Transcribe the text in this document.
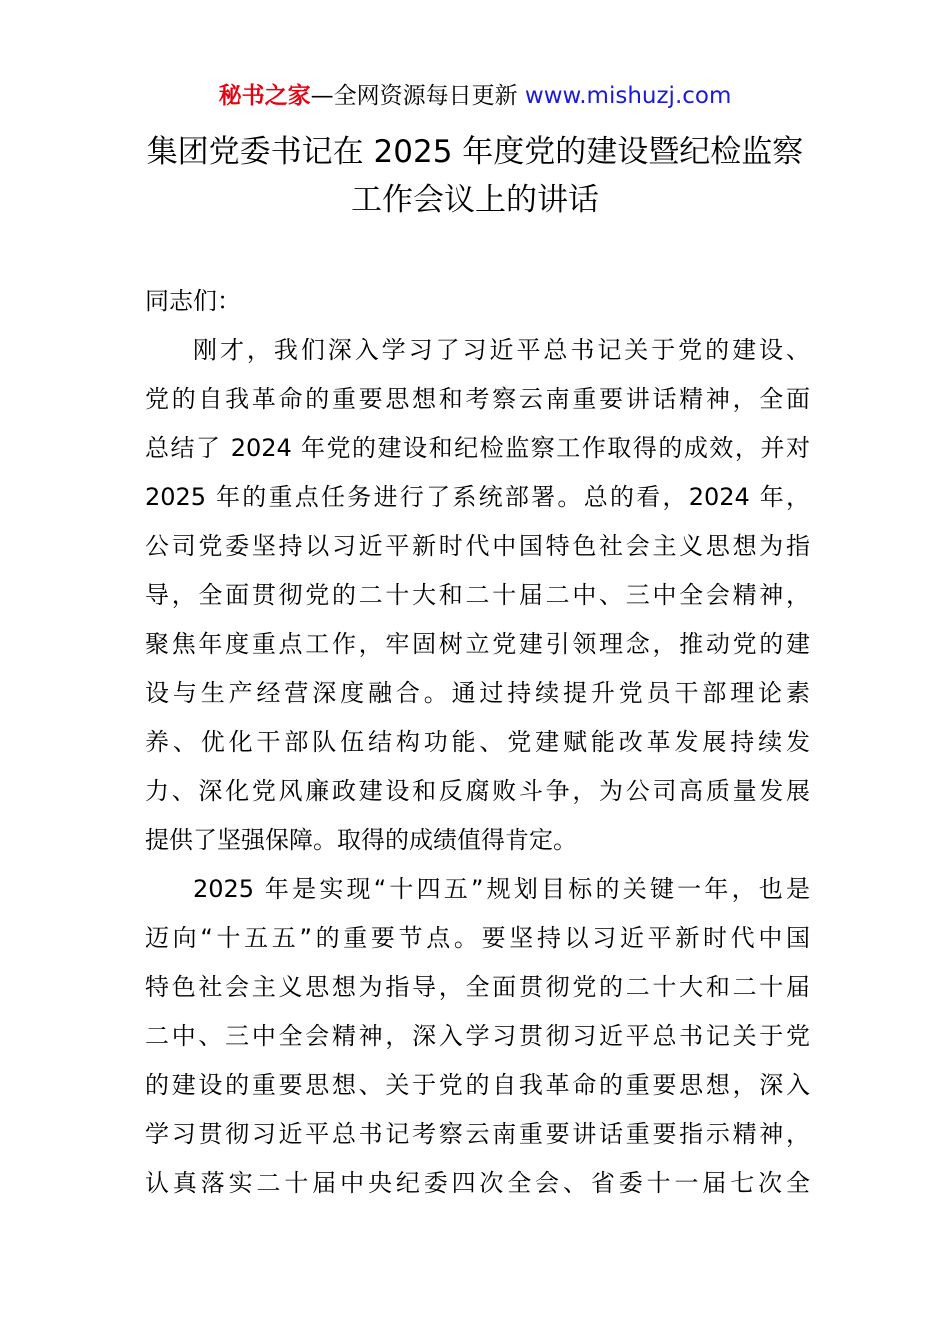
秘书之家—全网资源每日更新 www.mishuzj.com
集团党委书记在 2025 年度党的建设暨纪检监察
工作会议上的讲话
同志们：
刚才，我们深入学习了习近平总书记关于党的建设、
党的自我革命的重要思想和考察云南重要讲话精神，全面
总结了 2024 年党的建设和纪检监察工作取得的成效，并对
2025 年的重点任务进行了系统部署。总的看，2024 年，
公司党委坚持以习近平新时代中国特色社会主义思想为指
导，全面贯彻党的二十大和二十届二中、三中全会精神，
聚焦年度重点工作，牢固树立党建引领理念，推动党的建
设与生产经营深度融合。通过持续提升党员干部理论素
养、优化干部队伍结构功能、党建赋能改革发展持续发
力、深化党风廉政建设和反腐败斗争，为公司高质量发展
提供了坚强保障。取得的成绩值得肯定。
2025 年是实现“十四五”规划目标的关键一年，也是
迈向“十五五”的重要节点。要坚持以习近平新时代中国
特色社会主义思想为指导，全面贯彻党的二十大和二十届
二中、三中全会精神，深入学习贯彻习近平总书记关于党
的建设的重要思想、关于党的自我革命的重要思想，深入
学习贯彻习近平总书记考察云南重要讲话重要指示精神，
认真落实二十届中央纪委四次全会、省委十一届七次全
